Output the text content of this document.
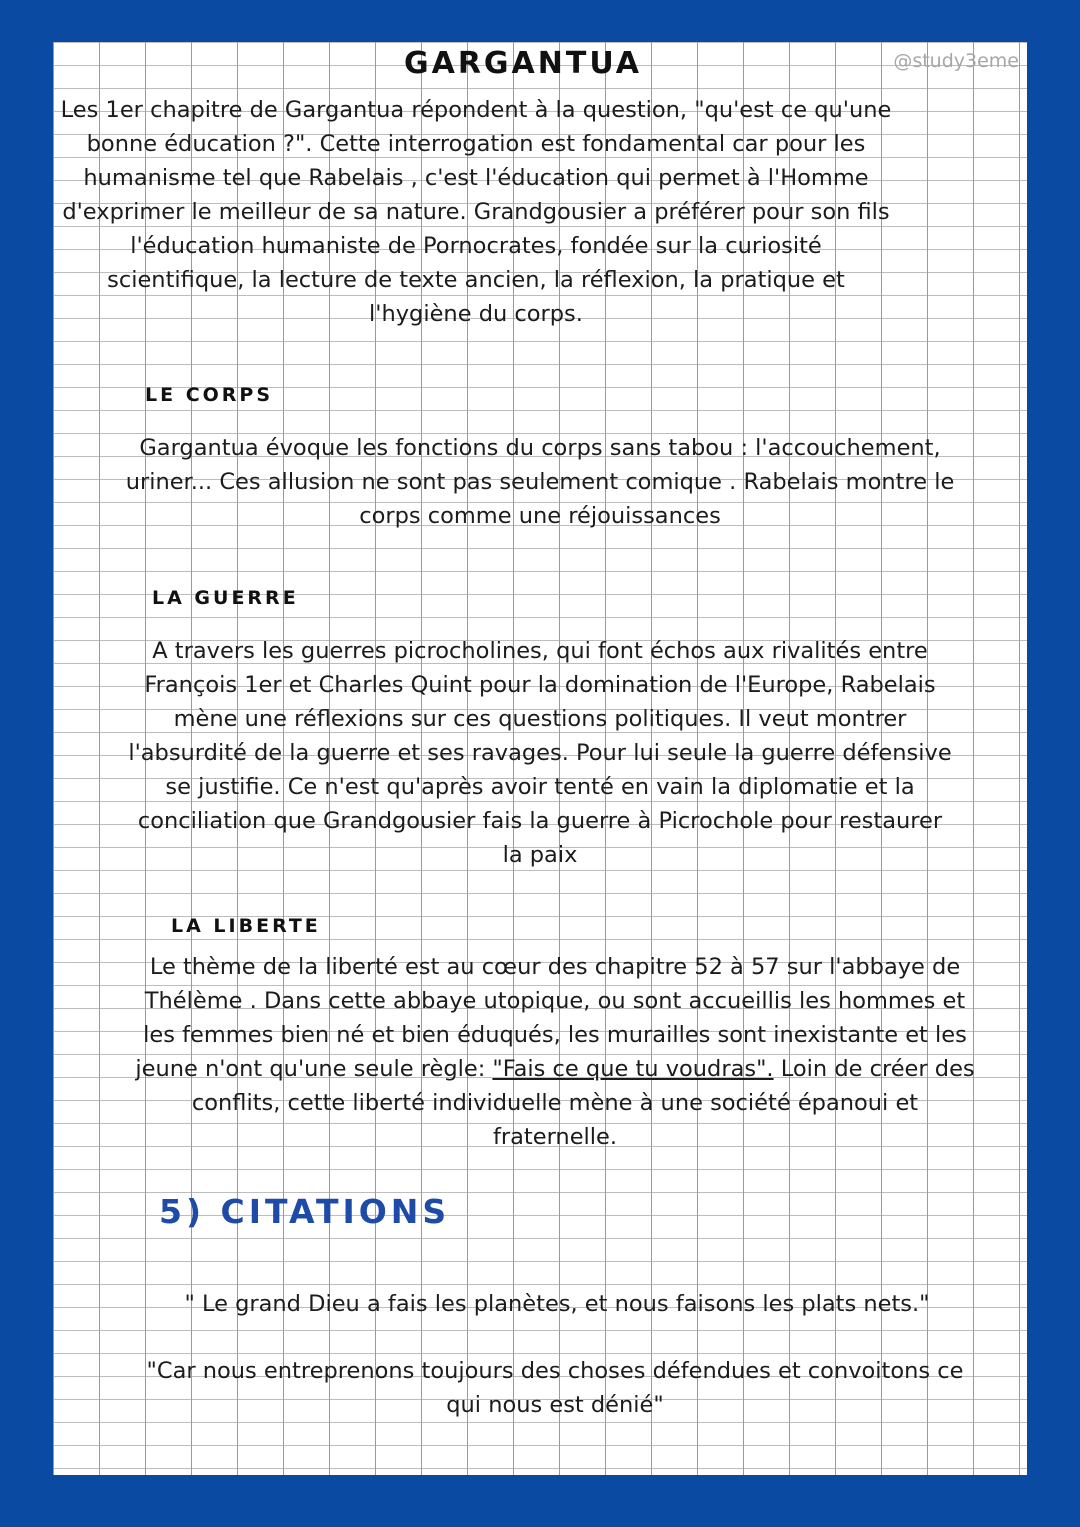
GARGANTUA	@study3eme
Les 1er chapitre de Gargantua répondent à la question, "qu'est ce qu'une
bonne éducation ?". Cette interrogation est fondamental car pour les
humanisme tel que Rabelais , c'est l'éducation qui permet à l'Homme
d'exprimer le meilleur de sa nature. Grandgousier a préférer pour son fils
l'éducation humaniste de Pornocrates, fondée sur la curiosité
scientifique, la lecture de texte ancien, la réflexion, la pratique et
l'hygiène du corps.
LE CORPS
Gargantua évoque les fonctions du corps sans tabou : l'accouchement,
uriner... Ces allusion ne sont pas seulement comique . Rabelais montre le
corps comme une réjouissances
LA GUERRE
A travers les guerres picrocholines, qui font échos aux rivalités entre
François 1er et Charles Quint pour la domination de l'Europe, Rabelais
mène une réflexions sur ces questions politiques. Il veut montrer
l'absurdité de la guerre et ses ravages. Pour lui seule la guerre défensive
se justifie. Ce n'est qu'après avoir tenté en vain la diplomatie et la
conciliation que Grandgousier fais la guerre à Picrochole pour restaurer
la paix
LA LIBERTE
Le thème de la liberté est au cœur des chapitre 52 à 57 sur l'abbaye de
Thélème . Dans cette abbaye utopique, ou sont accueillis les hommes et
les femmes bien né et bien éduqués, les murailles sont inexistante et les
jeune n'ont qu'une seule règle: "Fais ce que tu voudras". Loin de créer des
conflits, cette liberté individuelle mène à une société épanoui et
fraternelle.
5) CITATIONS
" Le grand Dieu a fais les planètes, et nous faisons les plats nets."
"Car nous entreprenons toujours des choses défendues et convoitons ce
qui nous est dénié"
